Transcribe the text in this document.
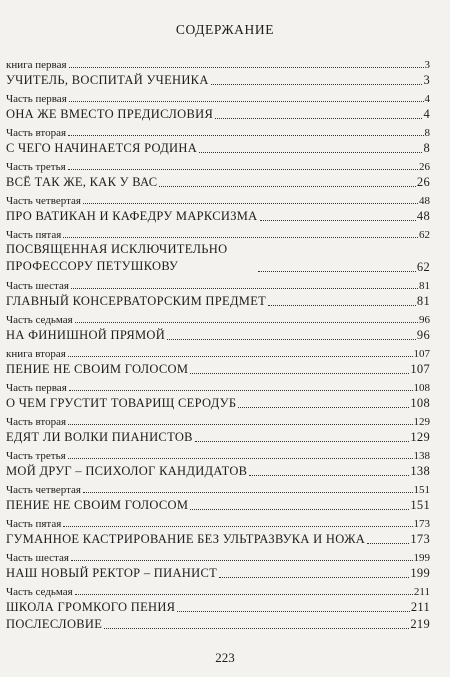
СОДЕРЖАНИЕ
книга первая	3
УЧИТЕЛЬ, ВОСПИТАЙ УЧЕНИКА	3
Часть первая	4
ОНА ЖЕ ВМЕСТО ПРЕДИСЛОВИЯ	4
Часть вторая	8
С ЧЕГО НАЧИНАЕТСЯ РОДИНА	8
Часть третья	26
ВСЁ ТАК ЖЕ, КАК У ВАС	26
Часть четвертая	48
ПРО ВАТИКАН И КАФЕДРУ МАРКСИЗМА	48
Часть пятая	62
ПОСВЯЩЕННАЯ ИСКЛЮЧИТЕЛЬНО ПРОФЕССОРУ ПЕТУШКОВУ	62
Часть шестая	81
ГЛАВНЫЙ КОНСЕРВАТОРСКИМ ПРЕДМЕТ	81
Часть седьмая	96
НА ФИНИШНОЙ ПРЯМОЙ	96
книга вторая	107
ПЕНИЕ НЕ СВОИМ ГОЛОСОМ	107
Часть первая	108
О ЧЕМ ГРУСТИТ ТОВАРИЩ СЕРОДУБ	108
Часть вторая	129
ЕДЯТ ЛИ ВОЛКИ ПИАНИСТОВ	129
Часть третья	138
МОЙ ДРУГ – ПСИХОЛОГ КАНДИДАТОВ	138
Часть четвертая	151
ПЕНИЕ НЕ СВОИМ ГОЛОСОМ	151
Часть пятая	173
ГУМАННОЕ КАСТРИРОВАНИЕ БЕЗ УЛЬТРАЗВУКА И НОЖА	173
Часть шестая	199
НАШ НОВЫЙ РЕКТОР – ПИАНИСТ	199
Часть седьмая	211
ШКОЛА ГРОМКОГО ПЕНИЯ	211
ПОСЛЕСЛОВИЕ	219
223
